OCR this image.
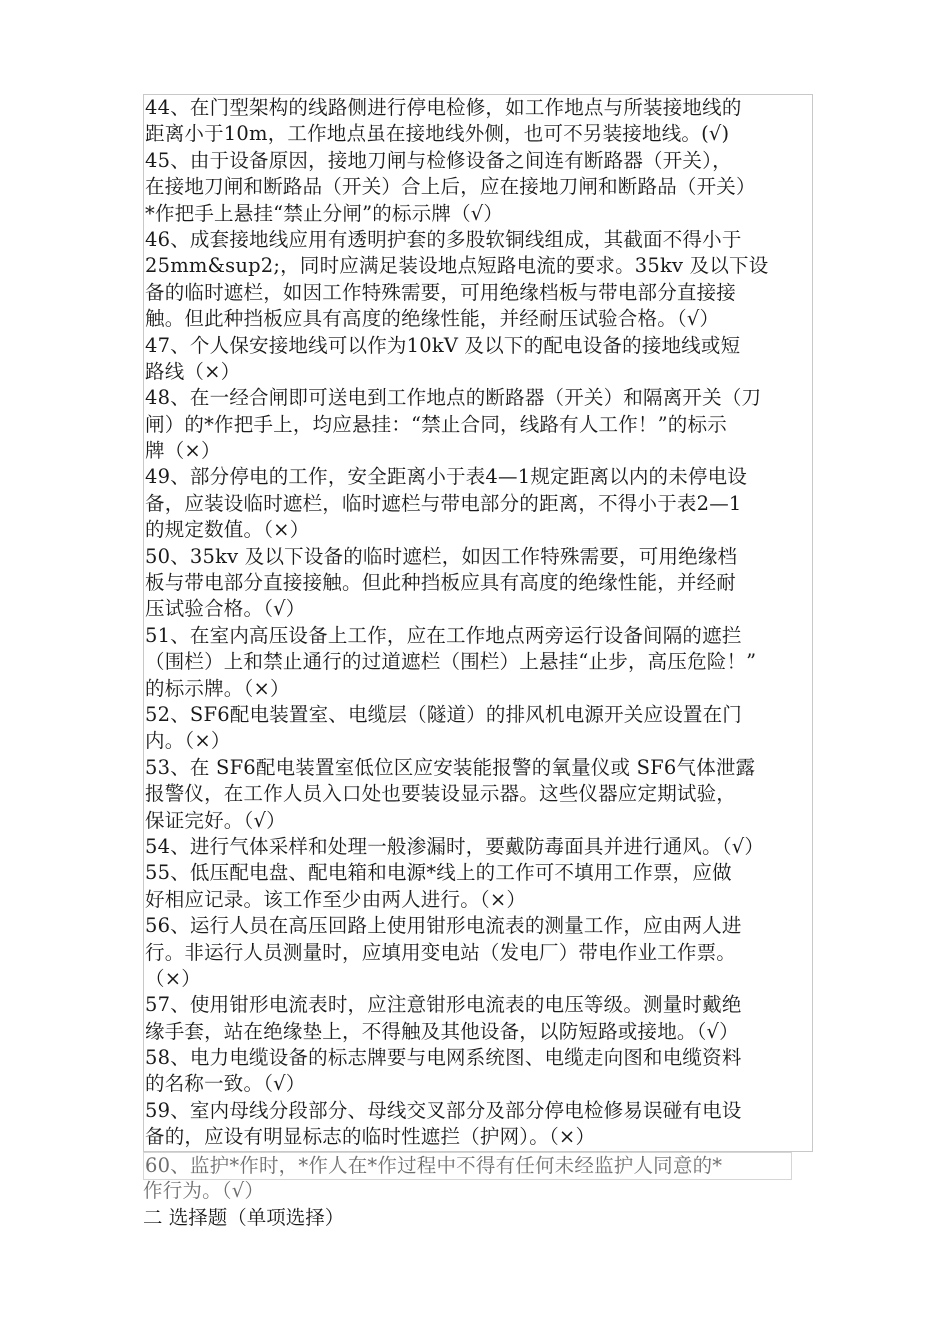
44、在门型架构的线路侧进行停电检修，如工作地点与所装接地线的
距离小于10m，工作地点虽在接地线外侧，也可不另装接地线。(√)
45、由于设备原因，接地刀闸与检修设备之间连有断路器（开关），
在接地刀闸和断路品（开关）合上后，应在接地刀闸和断路品（开关）
*作把手上悬挂“禁止分闸”的标示牌（√）
46、成套接地线应用有透明护套的多股软铜线组成，其截面不得小于
25mm&sup2;，同时应满足装设地点短路电流的要求。35kv 及以下设
备的临时遮栏，如因工作特殊需要，可用绝缘档板与带电部分直接接
触。但此种挡板应具有高度的绝缘性能，并经耐压试验合格。（√）
47、个人保安接地线可以作为10kV 及以下的配电设备的接地线或短
路线（×）
48、在一经合闸即可送电到工作地点的断路器（开关）和隔离开关（刀
闸）的*作把手上，均应悬挂：“禁止合同，线路有人工作！”的标示
牌（×）
49、部分停电的工作，安全距离小于表4—1规定距离以内的未停电设
备，应装设临时遮栏，临时遮栏与带电部分的距离，不得小于表2—1
的规定数值。（×）
50、35kv 及以下设备的临时遮栏，如因工作特殊需要，可用绝缘档
板与带电部分直接接触。但此种挡板应具有高度的绝缘性能，并经耐
压试验合格。（√）
51、在室内高压设备上工作，应在工作地点两旁运行设备间隔的遮拦
（围栏）上和禁止通行的过道遮栏（围栏）上悬挂“止步，高压危险！”
的标示牌。（×）
52、SF6配电装置室、电缆层（隧道）的排风机电源开关应设置在门
内。（×）
53、在 SF6配电装置室低位区应安装能报警的氧量仪或 SF6气体泄露
报警仪，在工作人员入口处也要装设显示器。这些仪器应定期试验，
保证完好。（√）
54、进行气体采样和处理一般渗漏时，要戴防毒面具并进行通风。（√）
55、低压配电盘、配电箱和电源*线上的工作可不填用工作票，应做
好相应记录。该工作至少由两人进行。（×）
56、运行人员在高压回路上使用钳形电流表的测量工作，应由两人进
行。非运行人员测量时，应填用变电站（发电厂）带电作业工作票。
（×）
57、使用钳形电流表时，应注意钳形电流表的电压等级。测量时戴绝
缘手套，站在绝缘垫上，不得触及其他设备，以防短路或接地。（√）
58、电力电缆设备的标志牌要与电网系统图、电缆走向图和电缆资料
的名称一致。（√）
59、室内母线分段部分、母线交叉部分及部分停电检修易误碰有电设
备的，应设有明显标志的临时性遮拦（护网）。（×）
60、监护*作时，*作人在*作过程中不得有任何未经监护人同意的*
作行为。（√）
二 选择题（单项选择）
